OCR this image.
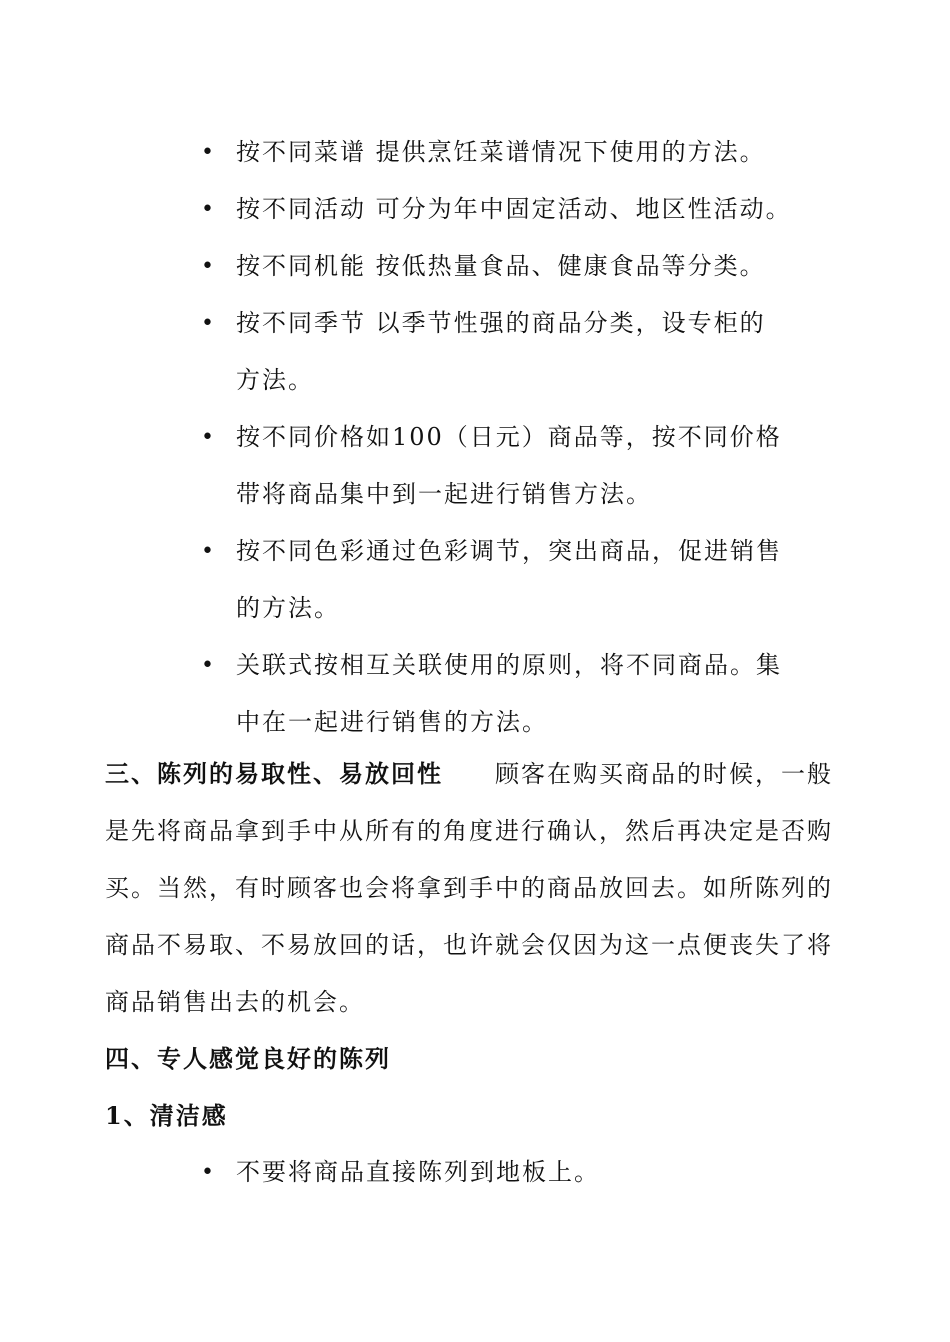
• 按不同菜谱 提供烹饪菜谱情况下使用的方法。
• 按不同活动 可分为年中固定活动、地区性活动。
• 按不同机能 按低热量食品、健康食品等分类。
• 按不同季节 以季节性强的商品分类，设专柜的
方法。
• 按不同价格如100（日元）商品等，按不同价格
带将商品集中到一起进行销售方法。
• 按不同色彩通过色彩调节，突出商品，促进销售
的方法。
• 关联式按相互关联使用的原则，将不同商品。集
中在一起进行销售的方法。
三、陈列的易取性、易放回性 顾客在购买商品的时候，一般是先将商品拿到手中从所有的角度进行确认，然后再决定是否购买。当然，有时顾客也会将拿到手中的商品放回去。如所陈列的商品不易取、不易放回的话，也许就会仅因为这一点便丧失了将商品销售出去的机会。
四、专人感觉良好的陈列
1、清洁感
• 不要将商品直接陈列到地板上。
